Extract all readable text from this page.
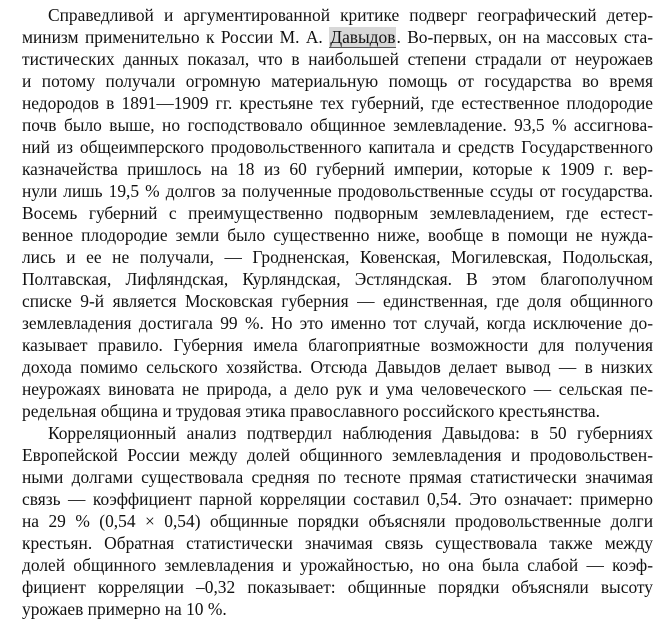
Справедливой и аргументированной критике подверг географический детер-
минизм применительно к России М. А. Давыдов. Во-первых, он на массовых ста-
тистических данных показал, что в наибольшей степени страдали от неурожаев
и потому получали огромную материальную помощь от государства во время
недородов в 1891—1909 гг. крестьяне тех губерний, где естественное плодородие
почв было выше, но господствовало общинное землевладение. 93,5 % ассигнова-
ний из общеимперского продовольственного капитала и средств Государственного
казначейства пришлось на 18 из 60 губерний империи, которые к 1909 г. вер-
нули лишь 19,5 % долгов за полученные продовольственные ссуды от государства.
Восемь губерний с преимущественно подворным землевладением, где естест-
венное плодородие земли было существенно ниже, вообще в помощи не нужда-
лись и ее не получали, — Гродненская, Ковенская, Могилевская, Подольская,
Полтавская, Лифляндская, Курляндская, Эстляндская. В этом благополучном
списке 9-й является Московская губерния — единственная, где доля общинного
землевладения достигала 99 %. Но это именно тот случай, когда исключение до-
казывает правило. Губерния имела благоприятные возможности для получения
дохода помимо сельского хозяйства. Отсюда Давыдов делает вывод — в низких
неурожаях виновата не природа, а дело рук и ума человеческого — сельская пе-
редельная община и трудовая этика православного российского крестьянства.
Корреляционный анализ подтвердил наблюдения Давыдова: в 50 губерниях
Европейской России между долей общинного землевладения и продовольствен-
ными долгами существовала средняя по тесноте прямая статистически значимая
связь — коэффициент парной корреляции составил 0,54. Это означает: примерно
на 29 % (0,54 × 0,54) общинные порядки объясняли продовольственные долги
крестьян. Обратная статистически значимая связь существовала также между
долей общинного землевладения и урожайностью, но она была слабой — коэф-
фициент корреляции –0,32 показывает: общинные порядки объясняли высоту
урожаев примерно на 10 %.
